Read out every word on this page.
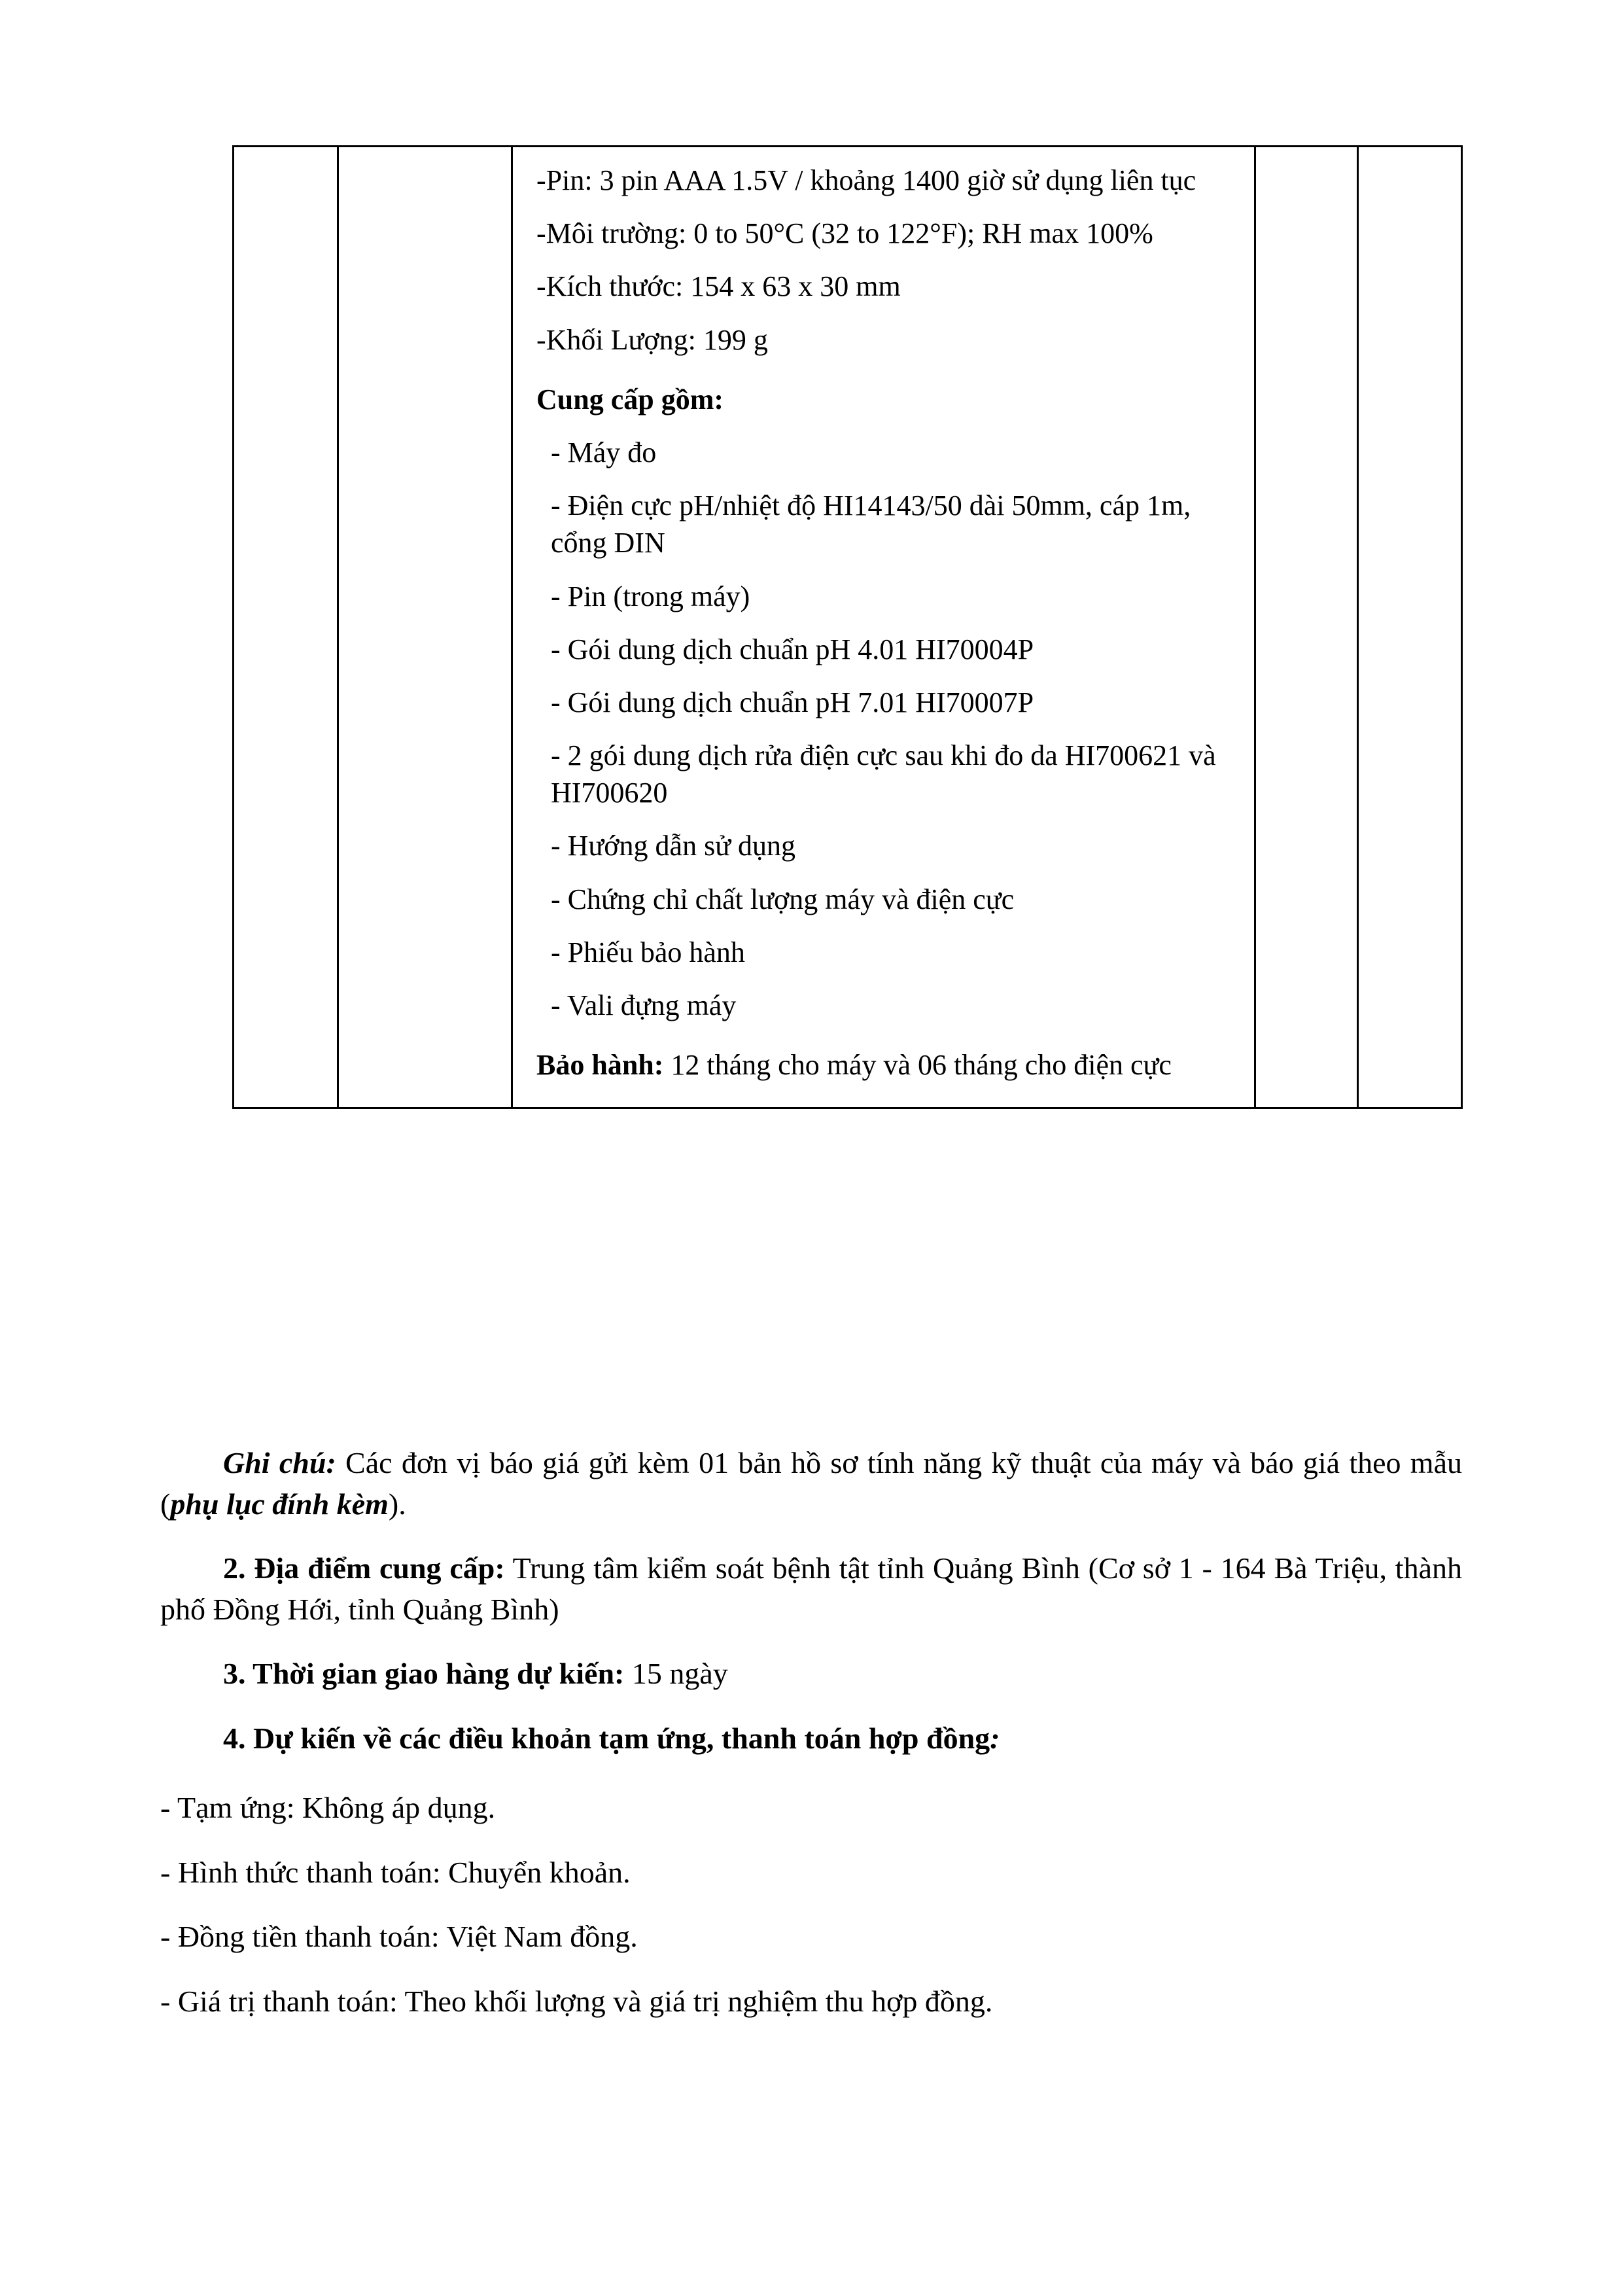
-Pin: 3 pin AAA 1.5V / khoảng 1400 giờ sử dụng liên tục
-Môi trường: 0 to 50°C (32 to 122°F); RH max 100%
-Kích thước: 154 x 63 x 30 mm
-Khối Lượng: 199 g
Cung cấp gồm:
- Máy đo
- Điện cực pH/nhiệt độ HI14143/50 dài 50mm, cáp 1m, cổng DIN
- Pin (trong máy)
- Gói dung dịch chuẩn pH 4.01 HI70004P
- Gói dung dịch chuẩn pH 7.01 HI70007P
- 2 gói dung dịch rửa điện cực sau khi đo da HI700621 và HI700620
- Hướng dẫn sử dụng
- Chứng chỉ chất lượng máy và điện cực
- Phiếu bảo hành
- Vali đựng máy
Bảo hành: 12 tháng cho máy và 06 tháng cho điện cực

Ghi chú: Các đơn vị báo giá gửi kèm 01 bản hồ sơ tính năng kỹ thuật của máy và báo giá theo mẫu (phụ lục đính kèm).

2. Địa điểm cung cấp: Trung tâm kiểm soát bệnh tật tỉnh Quảng Bình (Cơ sở 1 - 164 Bà Triệu, thành phố Đồng Hới, tỉnh Quảng Bình)

3. Thời gian giao hàng dự kiến: 15 ngày

4. Dự kiến về các điều khoản tạm ứng, thanh toán hợp đồng:

- Tạm ứng: Không áp dụng.

- Hình thức thanh toán: Chuyển khoản.

- Đồng tiền thanh toán: Việt Nam đồng.

- Giá trị thanh toán: Theo khối lượng và giá trị nghiệm thu hợp đồng.
